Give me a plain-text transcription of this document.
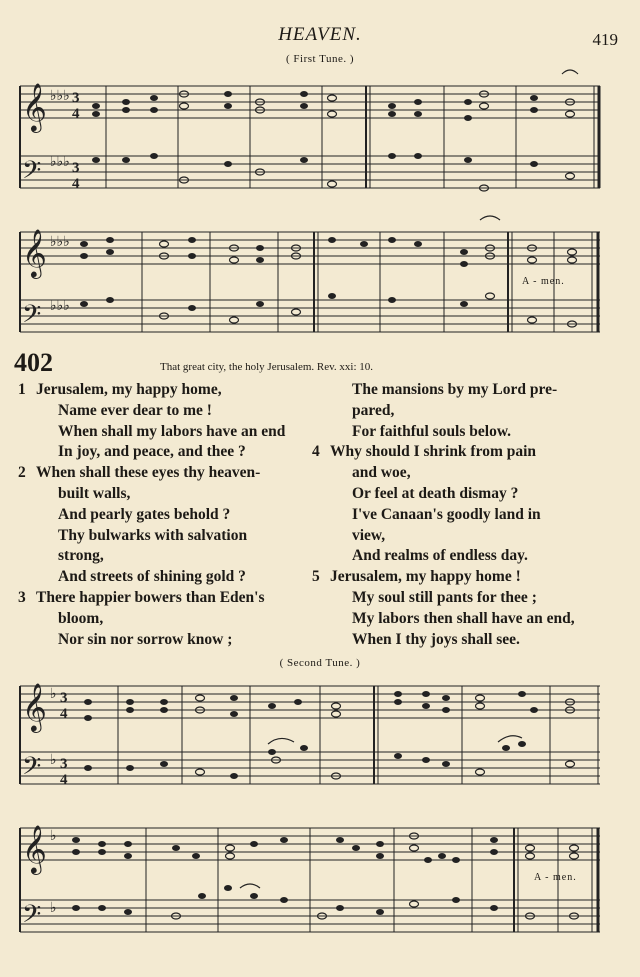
HEAVEN.	419
( First Tune. )
𝄞
𝄢
♭♭♭
♭♭♭
3
4
3
4
𝄞
𝄢
♭♭♭
♭♭♭
A - men.
402	That great city, the holy Jerusalem. Rev. xxi: 10.
1 Jerusalem, my happy home,
Name ever dear to me !
When shall my labors have an end
In joy, and peace, and thee ?
2 When shall these eyes thy heaven-
built walls,
And pearly gates behold ?
Thy bulwarks with salvation
strong,
And streets of shining gold ?
3 There happier bowers than Eden's
bloom,
Nor sin nor sorrow know ;
The mansions by my Lord pre-
pared,
For faithful souls below.
4 Why should I shrink from pain
and woe,
Or feel at death dismay ?
I've Canaan's goodly land in
view,
And realms of endless day.
5 Jerusalem, my happy home !
My soul still pants for thee ;
My labors then shall have an end,
When I thy joys shall see.
( Second Tune. )
𝄞
𝄢
♭
♭
3
4
3
4
𝄞
𝄢
♭
♭
A - men.
